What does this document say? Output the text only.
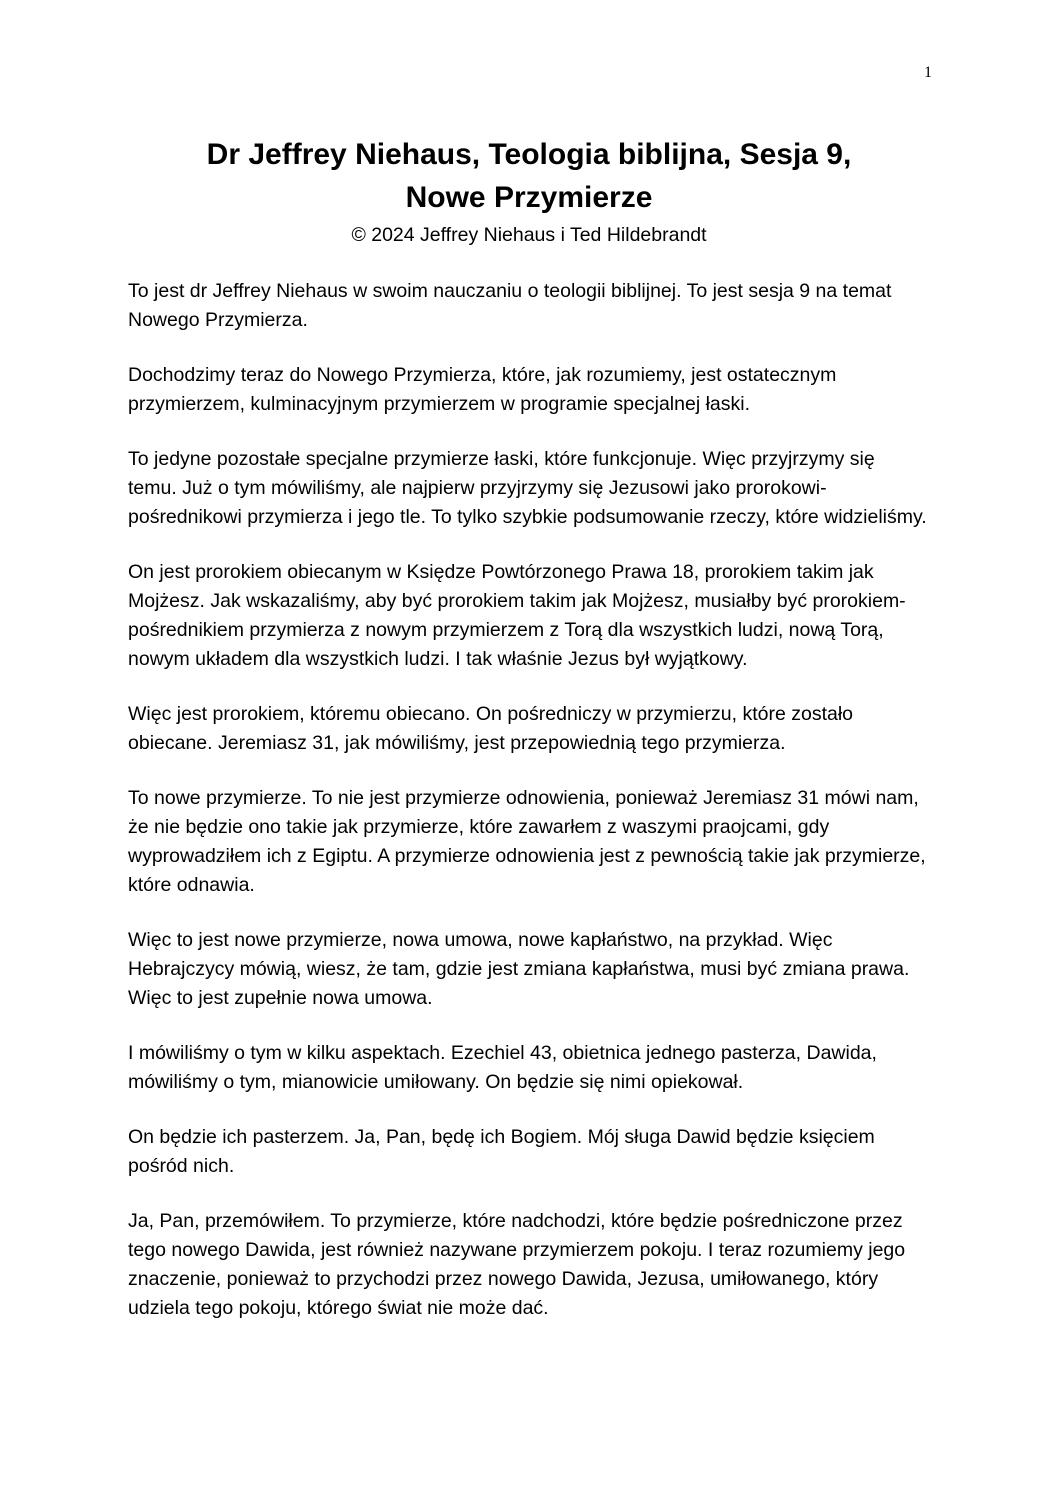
1
Dr Jeffrey Niehaus, Teologia biblijna, Sesja 9,
Nowe Przymierze
© 2024 Jeffrey Niehaus i Ted Hildebrandt

To jest dr Jeffrey Niehaus w swoim nauczaniu o teologii biblijnej. To jest sesja 9 na temat Nowego Przymierza.

Dochodzimy teraz do Nowego Przymierza, które, jak rozumiemy, jest ostatecznym przymierzem, kulminacyjnym przymierzem w programie specjalnej łaski.

To jedyne pozostałe specjalne przymierze łaski, które funkcjonuje. Więc przyjrzymy się temu. Już o tym mówiliśmy, ale najpierw przyjrzymy się Jezusowi jako prorokowi-pośrednikowi przymierza i jego tle. To tylko szybkie podsumowanie rzeczy, które widzieliśmy.

On jest prorokiem obiecanym w Księdze Powtórzonego Prawa 18, prorokiem takim jak Mojżesz. Jak wskazaliśmy, aby być prorokiem takim jak Mojżesz, musiałby być prorokiem-pośrednikiem przymierza z nowym przymierzem z Torą dla wszystkich ludzi, nową Torą, nowym układem dla wszystkich ludzi. I tak właśnie Jezus był wyjątkowy.

Więc jest prorokiem, któremu obiecano. On pośredniczy w przymierzu, które zostało obiecane. Jeremiasz 31, jak mówiliśmy, jest przepowiednią tego przymierza.

To nowe przymierze. To nie jest przymierze odnowienia, ponieważ Jeremiasz 31 mówi nam, że nie będzie ono takie jak przymierze, które zawarłem z waszymi praojcami, gdy wyprowadziłem ich z Egiptu. A przymierze odnowienia jest z pewnością takie jak przymierze, które odnawia.

Więc to jest nowe przymierze, nowa umowa, nowe kapłaństwo, na przykład. Więc Hebrajczycy mówią, wiesz, że tam, gdzie jest zmiana kapłaństwa, musi być zmiana prawa. Więc to jest zupełnie nowa umowa.

I mówiliśmy o tym w kilku aspektach. Ezechiel 43, obietnica jednego pasterza, Dawida, mówiliśmy o tym, mianowicie umiłowany. On będzie się nimi opiekował.

On będzie ich pasterzem. Ja, Pan, będę ich Bogiem. Mój sługa Dawid będzie księciem pośród nich.

Ja, Pan, przemówiłem. To przymierze, które nadchodzi, które będzie pośredniczone przez tego nowego Dawida, jest również nazywane przymierzem pokoju. I teraz rozumiemy jego znaczenie, ponieważ to przychodzi przez nowego Dawida, Jezusa, umiłowanego, który udziela tego pokoju, którego świat nie może dać.
